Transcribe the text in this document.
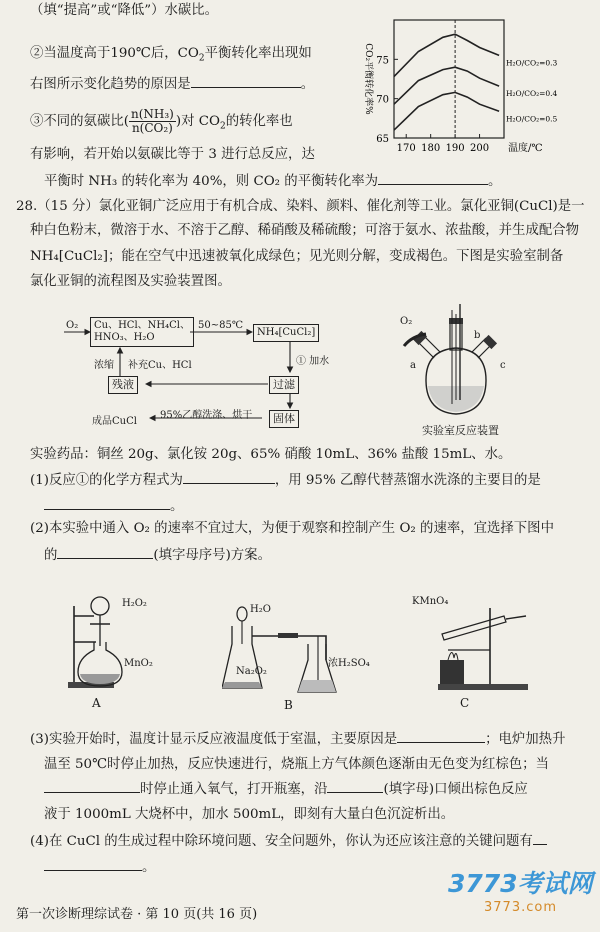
（填“提高”或“降低”）水碳比。
②当温度高于190℃后，$CO_2$平衡转化率出现如
右图所示变化趋势的原因是	。
③不同的氨碳比( $\frac{\text{n(NH₃)}}{\text{n(CO₂)}}$ )对 $CO_2$的转化率也
有影响，若开始以氨碳比等于 3 进行总反应，达
平衡时 NH₃ 的转化率为 40%，则 CO₂ 的平衡转化率为	。
65
70
75
170 180 190 200 温度/℃
CO₂平衡转化率%	H₂O/CO₂=0.3
H₂O/CO₂=0.4
H₂O/CO₂=0.5
28.（15 分）氯化亚铜广泛应用于有机合成、染料、颜料、催化剂等工业。氯化亚铜(CuCl)是一
种白色粉末，微溶于水、不溶于乙醇、稀硝酸及稀硫酸；可溶于氨水、浓盐酸，并生成配合物
NH₄[CuCl₂]；能在空气中迅速被氧化成绿色；见光则分解，变成褐色。下图是实验室制备
氯化亚铜的流程图及实验装置图。
O₂ Cu、HCl、NH₄Cl、
HNO₃、H₂O
50~85℃
NH₄[CuCl₂]
① 加水
过滤
固体
95%乙醇洗涤、烘干
成品CuCl
浓缩 补充Cu、HCl
残液
O₂
a
b
c
实验室反应装置
实验药品：铜丝 20g、氯化铵 20g、65% 硝酸 10mL、36% 盐酸 15mL、水。
(1)反应①的化学方程式为	，用 95% 乙醇代替蒸馏水洗涤的主要目的是
。
(2)本实验中通入 O₂ 的速率不宜过大，为便于观察和控制产生 O₂ 的速率，宜选择下图中
的	(填字母序号)方案。
H₂O₂
MnO₂
A
H₂O
Na₂O₂
浓H₂SO₄
B
KMnO₄
C
(3)实验开始时，温度计显示反应液温度低于室温，主要原因是	；电炉加热升
温至 50℃时停止加热，反应快速进行，烧瓶上方气体颜色逐渐由无色变为红棕色；当
时停止通入氧气，打开瓶塞，沿	(填字母)口倾出棕色反应
液于 1000mL 大烧杯中，加水 500mL，即刻有大量白色沉淀析出。
(4)在 CuCl 的生成过程中除环境问题、安全问题外，你认为还应该注意的关键问题有
。
第一次诊断理综试卷 · 第 10 页(共 16 页)
3773考试网
3773.com
